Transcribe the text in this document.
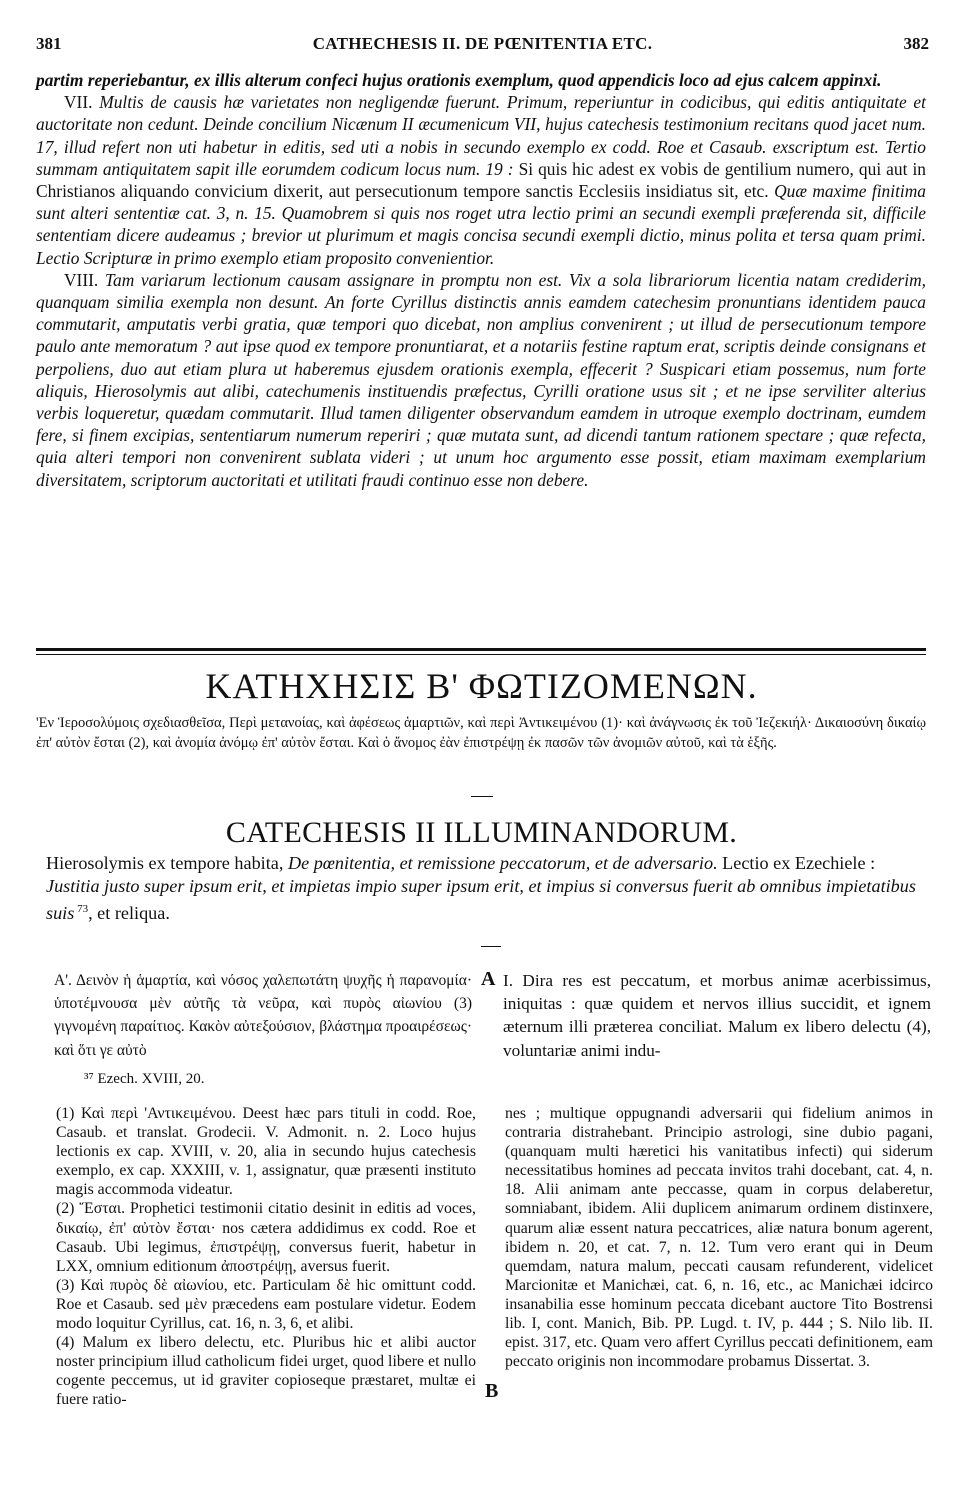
381	CATHECHESIS II. DE PŒNITENTIA ETC.	382

partim reperiebantur, ex illis alterum confeci hujus orationis exemplum, quod appendicis loco ad ejus calcem appinxi.

VII. Multis de causis hæ varietates non negligendæ fuerunt. Primum, reperiuntur in codicibus, qui editis antiquitate et auctoritate non cedunt. Deinde concilium Nicænum II æcumenicum VII, hujus catechesis testimonium recitans quod jacet num. 17, illud refert non uti habetur in editis, sed uti a nobis in secundo exemplo ex codd. Roe et Casaub. exscriptum est. Tertio summam antiquitatem sapit ille eorumdem codicum locus num. 19 : Si quis hic adest ex vobis de gentilium numero, qui aut in Christianos aliquando convicium dixerit, aut persecutionum tempore sanctis Ecclesiis insidiatus sit, etc. Quæ maxime finitima sunt alteri sententiæ cat. 3, n. 15. Quamobrem si quis nos roget utra lectio primi an secundi exempli præferenda sit, difficile sententiam dicere audeamus ; brevior ut plurimum et magis concisa secundi exempli dictio, minus polita et tersa quam primi. Lectio Scripturæ in primo exemplo etiam proposito convenientior.

VIII. Tam variarum lectionum causam assignare in promptu non est. Vix a sola librariorum licentia natam crediderim, quanquam similia exempla non desunt. An forte Cyrillus distinctis annis eamdem catechesim pronuntians identidem pauca commutarit, amputatis verbi gratia, quæ tempori quo dicebat, non amplius convenirent ; ut illud de persecutionum tempore paulo ante memoratum ? aut ipse quod ex tempore pronuntiarat, et a notariis festine raptum erat, scriptis deinde consignans et perpoliens, duo aut etiam plura ut haberemus ejusdem orationis exempla, effecerit ? Suspicari etiam possemus, num forte aliquis, Hierosolymis aut alibi, catechumenis instituendis præfectus, Cyrilli oratione usus sit ; et ne ipse serviliter alterius verbis loqueretur, quædam commutarit. Illud tamen diligenter observandum eamdem in utroque exemplo doctrinam, eumdem fere, si finem excipias, sententiarum numerum reperiri ; quæ mutata sunt, ad dicendi tantum rationem spectare ; quæ refecta, quia alteri tempori non convenirent sublata videri ; ut unum hoc argumento esse possit, etiam maximam exemplarium diversitatem, scriptorum auctoritati et utilitati fraudi continuo esse non debere.

ΚΑΤΗΧΗΣΙΣ Β' ΦΩΤΙΖΟΜΕΝΩΝ.
'Εν Ἱεροσολύμοις σχεδιασθεῖσα, Περὶ μετανοίας, καὶ ἀφέσεως ἁμαρτιῶν, καὶ περὶ Ἀντικειμένου (1)· καὶ ἀνάγνωσις ἐκ τοῦ Ἰεζεκιήλ· Δικαιοσύνη δικαίῳ ἐπ' αὐτὸν ἔσται (2), καὶ ἀνομία ἀνόμῳ ἐπ' αὐτὸν ἔσται. Καὶ ὁ ἄνομος ἐὰν ἐπιστρέψῃ ἐκ πασῶν τῶν ἀνομιῶν αὐτοῦ, καὶ τὰ ἑξῆς.
CATECHESIS II ILLUMINANDORUM.
Hierosolymis ex tempore habita, De pœnitentia, et remissione peccatorum, et de adversario. Lectio ex Ezechiele : Justitia justo super ipsum erit, et impietas impio super ipsum erit, et impius si conversus fuerit ab omnibus impietatibus suis $^{73}$, et reliqua.
Α'. Δεινὸν ἡ ἁμαρτία, καὶ νόσος χαλεπωτάτη ψυχῆς ἡ παρανομία· ὑποτέμνουσα μὲν αὐτῆς τὰ νεῦρα, καὶ πυρὸς αἰωνίου (3) γιγνομένη παραίτιος. Κακὸν αὐτεξούσιον, βλάστημα προαιρέσεως· καὶ ὅτι γε αὐτὸ
A I. Dira res est peccatum, et morbus animæ acerbissimus, iniquitas : quæ quidem et nervos illius succidit, et ignem æternum illi præterea conciliat. Malum ex libero delectu (4), voluntariæ animi indu-
³⁷ Ezech. XVIII, 20.

(1) Καὶ περὶ 'Αντικειμένου. Deest hæc pars tituli in codd. Roe, Casaub. et translat. Grodecii. V. Admonit. n. 2. Loco hujus lectionis ex cap. XVIII, v. 20, alia in secundo hujus catechesis exemplo, ex cap. XXXIII, v. 1, assignatur, quæ præsenti instituto magis accommoda videatur.

(2) Ἔσται. Prophetici testimonii citatio desinit in editis ad voces, δικαίῳ, ἐπ' αὐτὸν ἔσται· nos cætera addidimus ex codd. Roe et Casaub. Ubi legimus, ἐπιστρέψῃ, conversus fuerit, habetur in LXX, omnium editionum ἀποστρέψῃ, aversus fuerit.

(3) Καὶ πυρὸς δὲ αἰωνίου, etc. Particulam δὲ hic omittunt codd. Roe et Casaub. sed μὲν præcedens eam postulare videtur. Eodem modo loquitur Cyrillus, cat. 16, n. 3, 6, et alibi.

(4) Malum ex libero delectu, etc. Pluribus hic et alibi auctor noster principium illud catholicum fidei urget, quod libere et nullo cogente peccemus, ut id graviter copioseque præstaret, multæ ei fuere ratio-	B
nes ; multique oppugnandi adversarii qui fidelium animos in contraria distrahebant. Principio astrologi, sine dubio pagani, (quanquam multi hæretici his vanitatibus infecti) qui siderum necessitatibus homines ad peccata invitos trahi docebant, cat. 4, n. 18. Alii animam ante peccasse, quam in corpus delaberetur, somniabant, ibidem. Alii duplicem animarum ordinem distinxere, quarum aliæ essent natura peccatrices, aliæ natura bonum agerent, ibidem n. 20, et cat. 7, n. 12. Tum vero erant qui in Deum quemdam, natura malum, peccati causam refunderent, videlicet Marcionitæ et Manichæi, cat. 6, n. 16, etc., ac Manichæi idcirco insanabilia esse hominum peccata dicebant auctore Tito Bostrensi lib. I, cont. Manich, Bib. PP. Lugd. t. IV, p. 444 ; S. Nilo lib. II. epist. 317, etc. Quam vero affert Cyrillus peccati definitionem, eam peccato originis non incommodare probamus Dissertat. 3.
